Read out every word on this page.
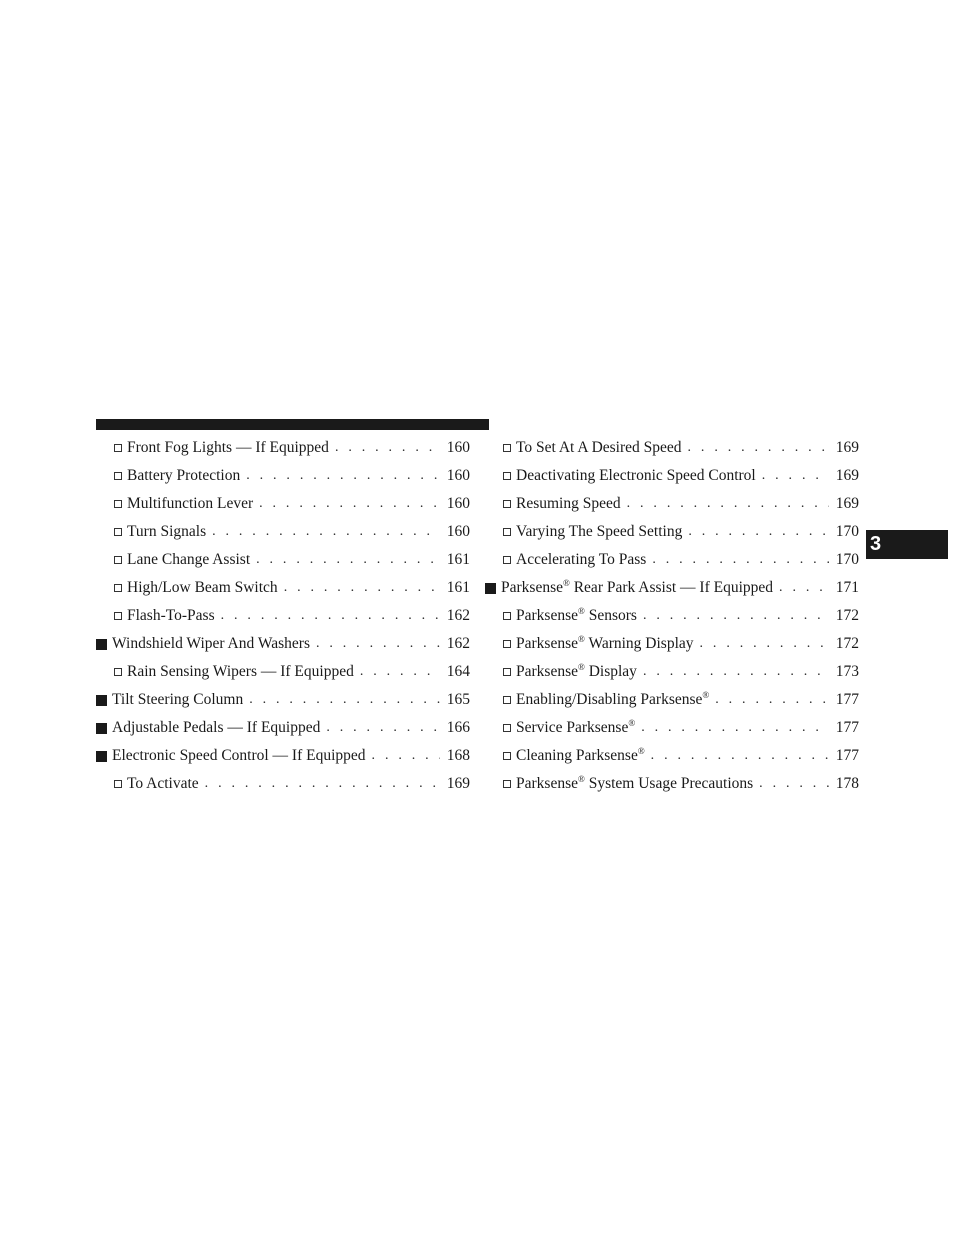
Front Fog Lights — If Equipped . . .	160
Battery Protection . . .	160
Multifunction Lever . . .	160
Turn Signals . . .	160
Lane Change Assist . . .	161
High/Low Beam Switch . . .	161
Flash-To-Pass . . .	162
Windshield Wiper And Washers . . .	162
Rain Sensing Wipers — If Equipped . . .	164
Tilt Steering Column . . .	165
Adjustable Pedals — If Equipped . . .	166
Electronic Speed Control — If Equipped . . .	168
To Activate . . .	169
To Set At A Desired Speed . . .	169
Deactivating Electronic Speed Control . . .	169
Resuming Speed . . .	169
Varying The Speed Setting . . .	170
Accelerating To Pass . . .	170
Parksense® Rear Park Assist — If Equipped . . .	171
Parksense® Sensors . . .	172
Parksense® Warning Display . . .	172
Parksense® Display . . .	173
Enabling/Disabling Parksense® . . .	177
Service Parksense® . . .	177
Cleaning Parksense® . . .	177
Parksense® System Usage Precautions . . .	178
3
